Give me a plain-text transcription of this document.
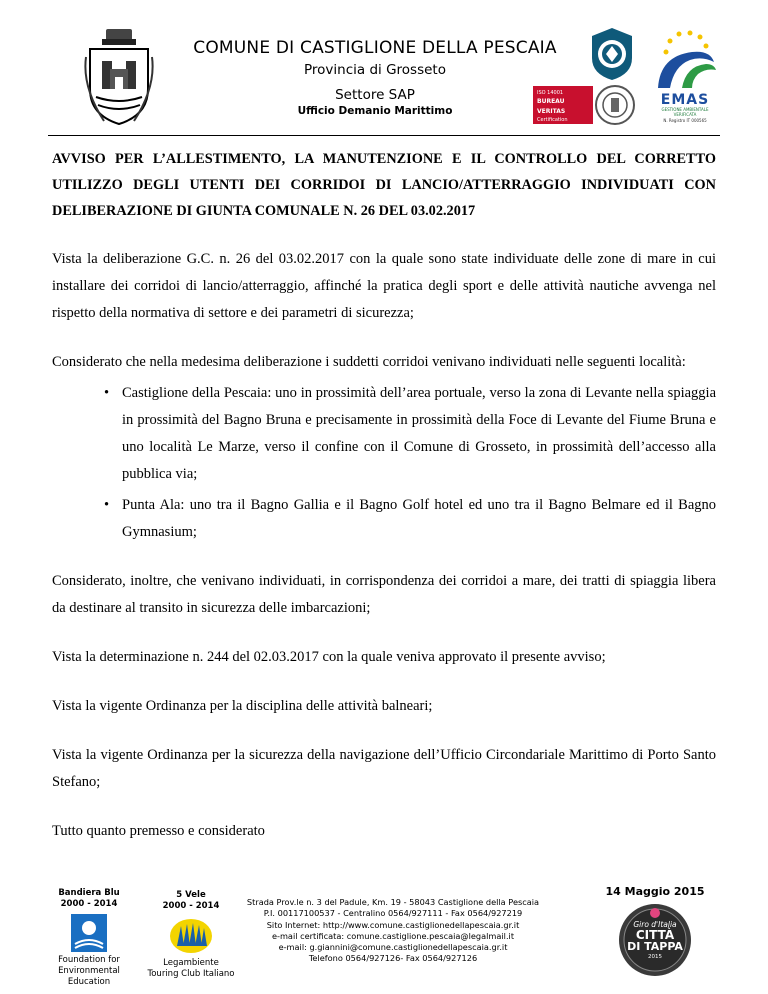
COMUNE DI CASTIGLIONE DELLA PESCAIA
Provincia di Grosseto
Settore SAP
Ufficio Demanio Marittimo
ISO 14001
BUREAU VERITAS
Certification
EMAS
GESTIONE AMBIENTALE VERIFICATA
N. Registro IT 000565

AVVISO PER L’ALLESTIMENTO, LA MANUTENZIONE E IL CONTROLLO DEL CORRETTO UTILIZZO DEGLI UTENTI DEI CORRIDOI DI LANCIO/ATTERRAGGIO INDIVIDUATI CON DELIBERAZIONE DI GIUNTA COMUNALE N. 26 DEL 03.02.2017

Vista la deliberazione G.C. n. 26 del 03.02.2017 con la quale sono state individuate delle zone di mare in cui installare dei corridoi di lancio/atterraggio, affinché la pratica degli sport e delle attività nautiche avvenga nel rispetto della normativa di settore e dei parametri di sicurezza;

Considerato che nella medesima deliberazione i suddetti corridoi venivano individuati nelle seguenti località:

• Castiglione della Pescaia: uno in prossimità dell’area portuale, verso la zona di Levante nella spiaggia in prossimità del Bagno Bruna e precisamente in prossimità della Foce di Levante del Fiume Bruna e uno località Le Marze, verso il confine con il Comune di Grosseto, in prossimità dell’accesso alla pubblica via;
• Punta Ala: uno tra il Bagno Gallia e il Bagno Golf hotel ed uno tra il Bagno Belmare ed il Bagno Gymnasium;

Considerato, inoltre, che venivano individuati, in corrispondenza dei corridoi a mare, dei tratti di spiaggia libera da destinare al transito in sicurezza delle imbarcazioni;

Vista la determinazione n. 244 del 02.03.2017 con la quale veniva approvato il presente avviso;

Vista la vigente Ordinanza per la disciplina delle attività balneari;

Vista la vigente Ordinanza per la sicurezza della navigazione dell’Ufficio Circondariale Marittimo di Porto Santo Stefano;

Tutto quanto premesso e considerato

Bandiera Blu
2000 - 2014
Foundation for
Environmental
Education
5 Vele
2000 - 2014
Legambiente
Touring Club Italiano
Strada Prov.le n. 3 del Padule, Km. 19 - 58043 Castiglione della Pescaia
P.I. 00117100537 - Centralino 0564/927111 - Fax 0564/927219
Sito Internet: http://www.comune.castiglionedellapescaia.gr.it
e-mail certificata: comune.castiglione.pescaia@legalmail.it
e-mail: g.giannini@comune.castiglionedellapescaia.gr.it
Telefono 0564/927126- Fax 0564/927126
14 Maggio 2015
Giro d'Italia
CITTÀ
DI TAPPA
2015
